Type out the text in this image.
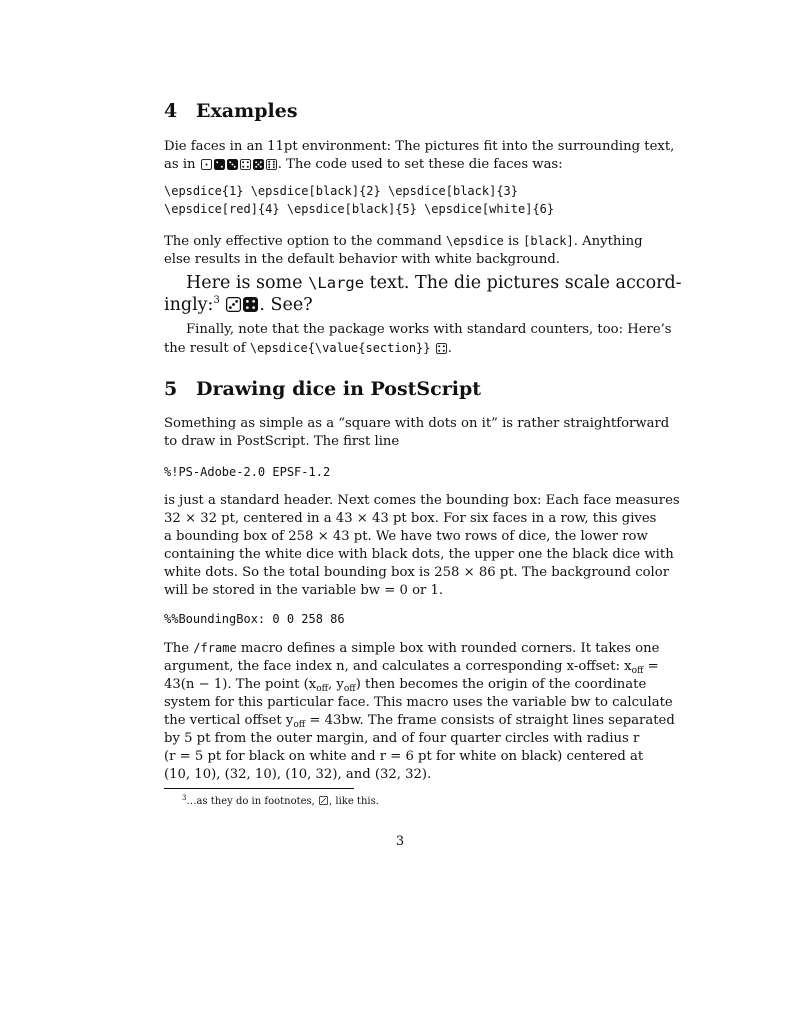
4 Examples
Die faces in an 11pt environment: The pictures fit into the surrounding text,
as in	. The code used to set these die faces was:
\epsdice{1} \epsdice[black]{2} \epsdice[black]{3}
\epsdice[red]{4} \epsdice[black]{5} \epsdice[white]{6}
The only effective option to the command \epsdice is [black]. Anything
else results in the default behavior with white background.
Here is some \Large text. The die pictures scale accord-
ingly:$^3$ . See?
Finally, note that the package works with standard counters, too: Here’s
the result of \epsdice{\value{section}} .
5 Drawing dice in PostScript
Something as simple as a “square with dots on it” is rather straightforward
to draw in PostScript. The first line
%!PS-Adobe-2.0 EPSF-1.2
is just a standard header. Next comes the bounding box: Each face measures
32 × 32 pt, centered in a 43 × 43 pt box. For six faces in a row, this gives
a bounding box of 258 × 43 pt. We have two rows of dice, the lower row
containing the white dice with black dots, the upper one the black dice with
white dots. So the total bounding box is 258 × 86 pt. The background color
will be stored in the variable bw = 0 or 1.
%%BoundingBox: 0 0 258 86
The /frame macro defines a simple box with rounded corners. It takes one
argument, the face index n, and calculates a corresponding x-offset: $x_{off}$ =
43(n − 1). The point ($x_{off}$, $y_{off}$) then becomes the origin of the coordinate
system for this particular face. This macro uses the variable bw to calculate
the vertical offset $y_{off} = 43bw$. The frame consists of straight lines separated
by 5 pt from the outer margin, and of four quarter circles with radius r
(r = 5 pt for black on white and r = 6 pt for white on black) centered at
(10, 10), (32, 10), (10, 32), and (32, 32).
$^3$…as they do in footnotes, , like this.
3
